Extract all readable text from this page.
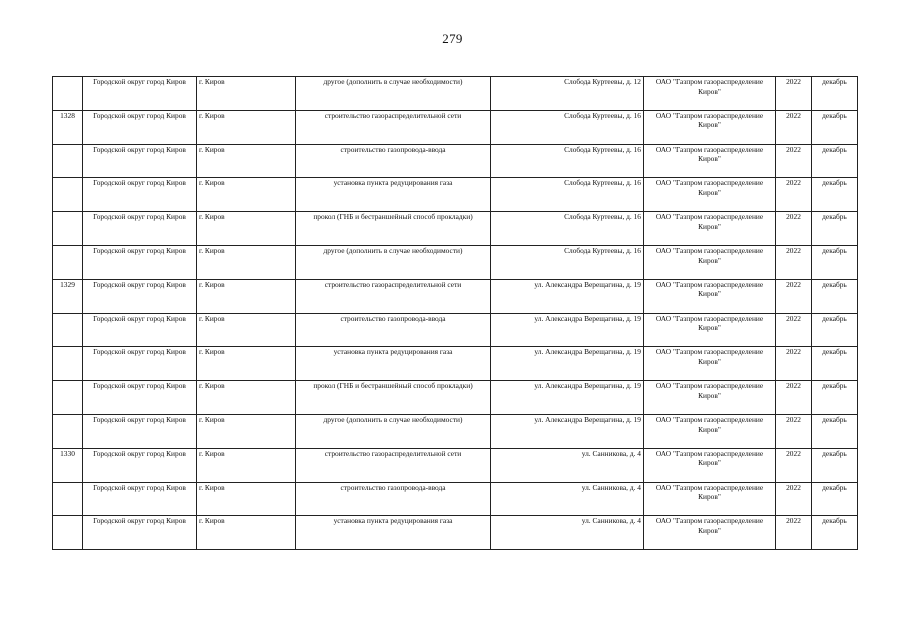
279

	Городской округ город Киров	г. Киров	другое (дополнить в случае необходимости)	Слобода Куртеевы, д. 12	ОАО "Газпром газораспределение Киров"	2022	декабрь
1328	Городской округ город Киров	г. Киров	строительство газораспределительной сети	Слобода Куртеевы, д. 16	ОАО "Газпром газораспределение Киров"	2022	декабрь

	Городской округ город Киров	г. Киров	строительство газопровода-ввода	Слобода Куртеевы, д. 16	ОАО "Газпром газораспределение Киров"	2022	декабрь

	Городской округ город Киров	г. Киров	установка пункта редуцирования газа	Слобода Куртеевы, д. 16	ОАО "Газпром газораспределение Киров"	2022	декабрь

	Городской округ город Киров	г. Киров	прокол (ГНБ и бестраншейный способ прокладки)	Слобода Куртеевы, д. 16	ОАО "Газпром газораспределение Киров"	2022	декабрь

	Городской округ город Киров	г. Киров	другое (дополнить в случае необходимости)	Слобода Куртеевы, д. 16	ОАО "Газпром газораспределение Киров"	2022	декабрь
1329	Городской округ город Киров	г. Киров	строительство газораспределительной сети	ул. Александра Верещагина, д. 19	ОАО "Газпром газораспределение Киров"	2022	декабрь

	Городской округ город Киров	г. Киров	строительство газопровода-ввода	ул. Александра Верещагина, д. 19	ОАО "Газпром газораспределение Киров"	2022	декабрь

	Городской округ город Киров	г. Киров	установка пункта редуцирования газа	ул. Александра Верещагина, д. 19	ОАО "Газпром газораспределение Киров"	2022	декабрь

	Городской округ город Киров	г. Киров	прокол (ГНБ и бестраншейный способ прокладки)	ул. Александра Верещагина, д. 19	ОАО "Газпром газораспределение Киров"	2022	декабрь

	Городской округ город Киров	г. Киров	другое (дополнить в случае необходимости)	ул. Александра Верещагина, д. 19	ОАО "Газпром газораспределение Киров"	2022	декабрь
1330	Городской округ город Киров	г. Киров	строительство газораспределительной сети	ул. Санникова, д. 4	ОАО "Газпром газораспределение Киров"	2022	декабрь

	Городской округ город Киров	г. Киров	строительство газопровода-ввода	ул. Санникова, д. 4	ОАО "Газпром газораспределение Киров"	2022	декабрь

	Городской округ город Киров	г. Киров	установка пункта редуцирования газа	ул. Санникова, д. 4	ОАО "Газпром газораспределение Киров"	2022	декабрь
